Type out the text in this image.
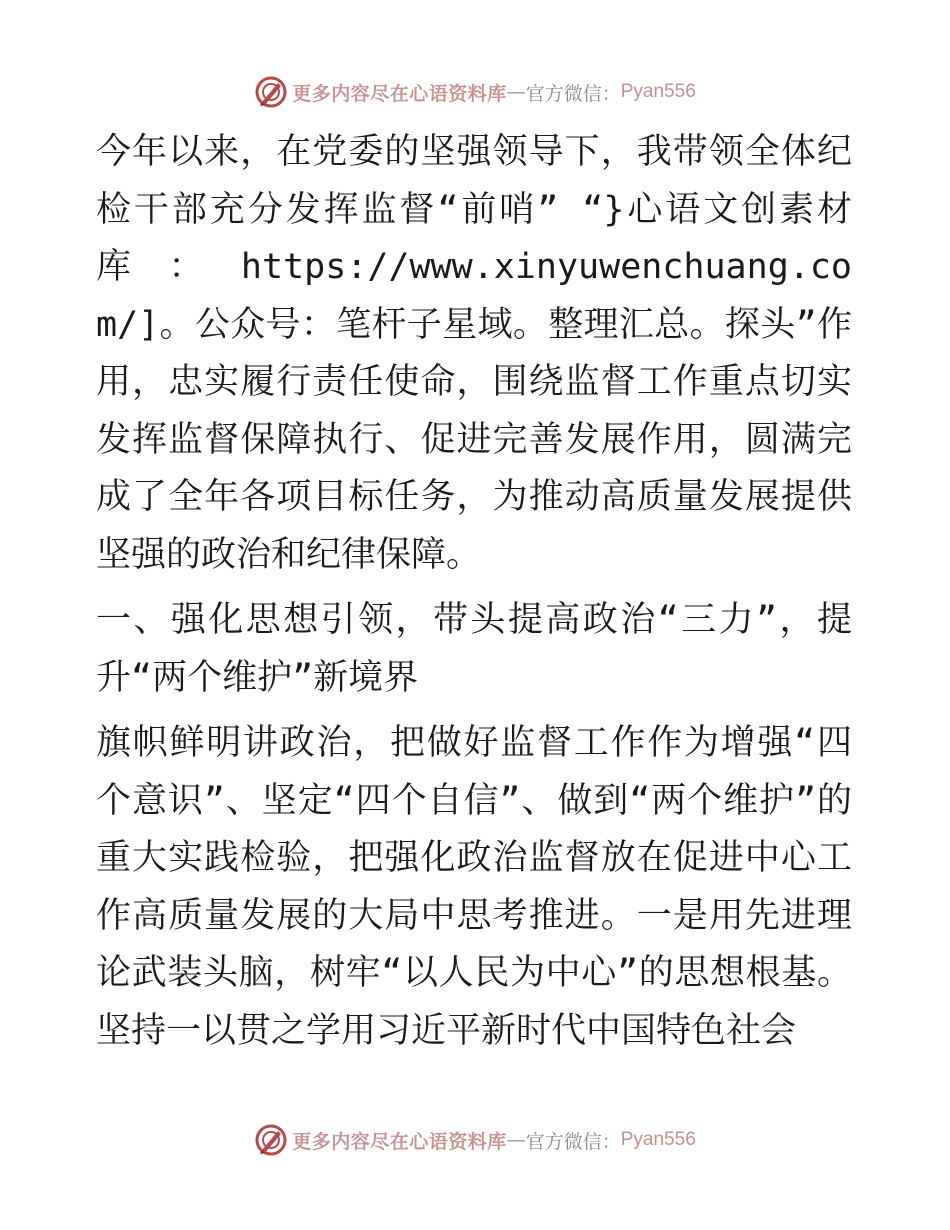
更多内容尽在心语资料库 — 官方微信： Pyan556

今年以来，在党委的坚强领导下，我带领全体纪检干部充分发挥监督“前哨” “}心语文创素材库：https://www.xinyuwenchuang.com/]。公众号：笔杆子星域。整理汇总。探头”作用，忠实履行责任使命，围绕监督工作重点切实发挥监督保障执行、促进完善发展作用，圆满完成了全年各项目标任务，为推动高质量发展提供坚强的政治和纪律保障。

一、强化思想引领，带头提高政治“三力”，提升“两个维护”新境界

旗帜鲜明讲政治，把做好监督工作作为增强“四个意识”、坚定“四个自信”、做到“两个维护”的重大实践检验，把强化政治监督放在促进中心工作高质量发展的大局中思考推进。一是用先进理论武装头脑，树牢“以人民为中心”的思想根基。坚持一以贯之学用习近平新时代中国特色社会

更多内容尽在心语资料库 — 官方微信： Pyan556
